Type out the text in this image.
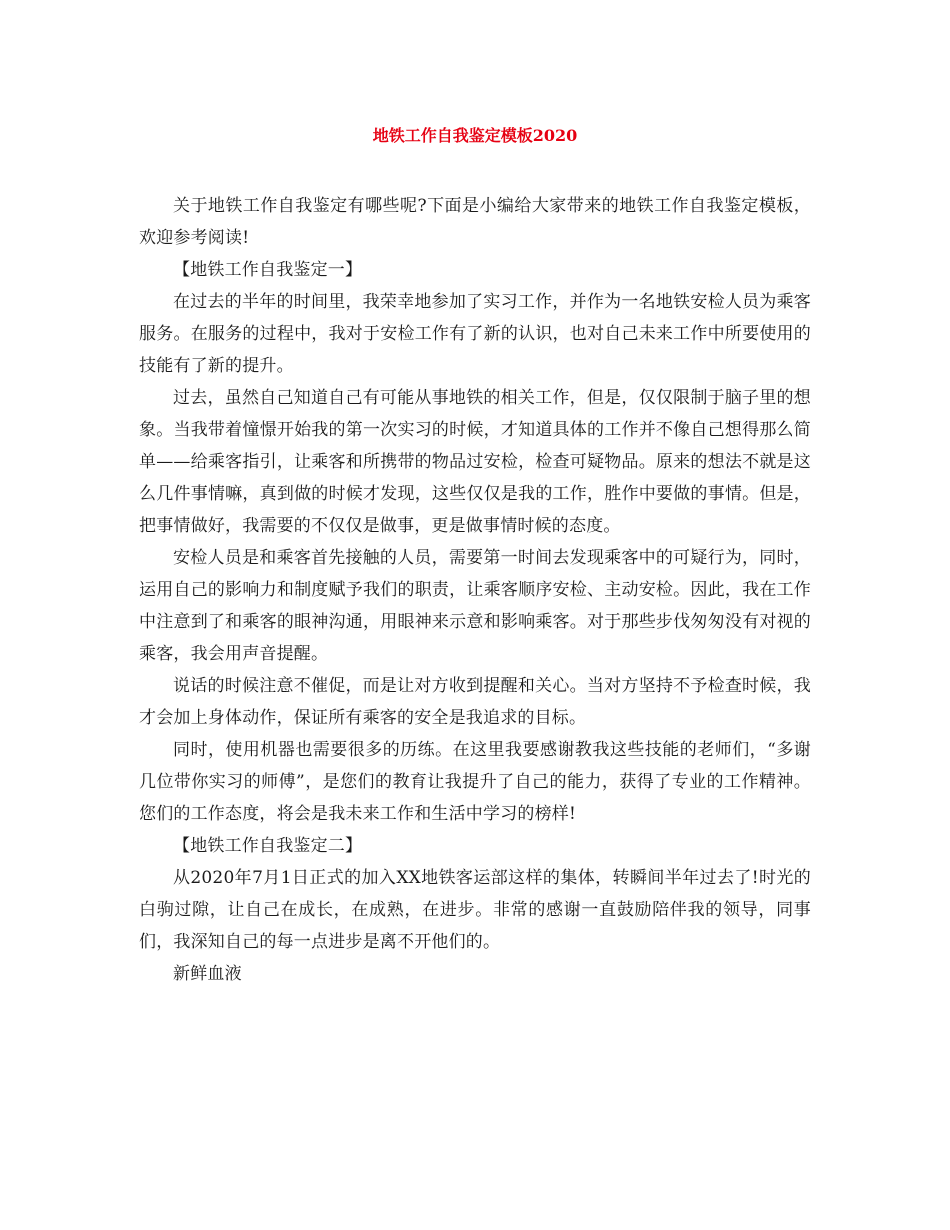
地铁工作自我鉴定模板2020

关于地铁工作自我鉴定有哪些呢?下面是小编给大家带来的地铁工作自我鉴定模板，欢迎参考阅读!

【地铁工作自我鉴定一】

在过去的半年的时间里，我荣幸地参加了实习工作，并作为一名地铁安检人员为乘客服务。在服务的过程中，我对于安检工作有了新的认识，也对自己未来工作中所要使用的技能有了新的提升。

过去，虽然自己知道自己有可能从事地铁的相关工作，但是，仅仅限制于脑子里的想象。当我带着憧憬开始我的第一次实习的时候，才知道具体的工作并不像自己想得那么简单——给乘客指引，让乘客和所携带的物品过安检，检查可疑物品。原来的想法不就是这么几件事情嘛，真到做的时候才发现，这些仅仅是我的工作，胜作中要做的事情。但是，把事情做好，我需要的不仅仅是做事，更是做事情时候的态度。

安检人员是和乘客首先接触的人员，需要第一时间去发现乘客中的可疑行为，同时，运用自己的影响力和制度赋予我们的职责，让乘客顺序安检、主动安检。因此，我在工作中注意到了和乘客的眼神沟通，用眼神来示意和影响乘客。对于那些步伐匆匆没有对视的乘客，我会用声音提醒。

说话的时候注意不催促，而是让对方收到提醒和关心。当对方坚持不予检查时候，我才会加上身体动作，保证所有乘客的安全是我追求的目标。

同时，使用机器也需要很多的历练。在这里我要感谢教我这些技能的老师们，“多谢几位带你实习的师傅”，是您们的教育让我提升了自己的能力，获得了专业的工作精神。您们的工作态度，将会是我未来工作和生活中学习的榜样!

【地铁工作自我鉴定二】

从2020年7月1日正式的加入XX地铁客运部这样的集体，转瞬间半年过去了!时光的白驹过隙，让自己在成长，在成熟，在进步。非常的感谢一直鼓励陪伴我的领导，同事们，我深知自己的每一点进步是离不开他们的。

新鲜血液
